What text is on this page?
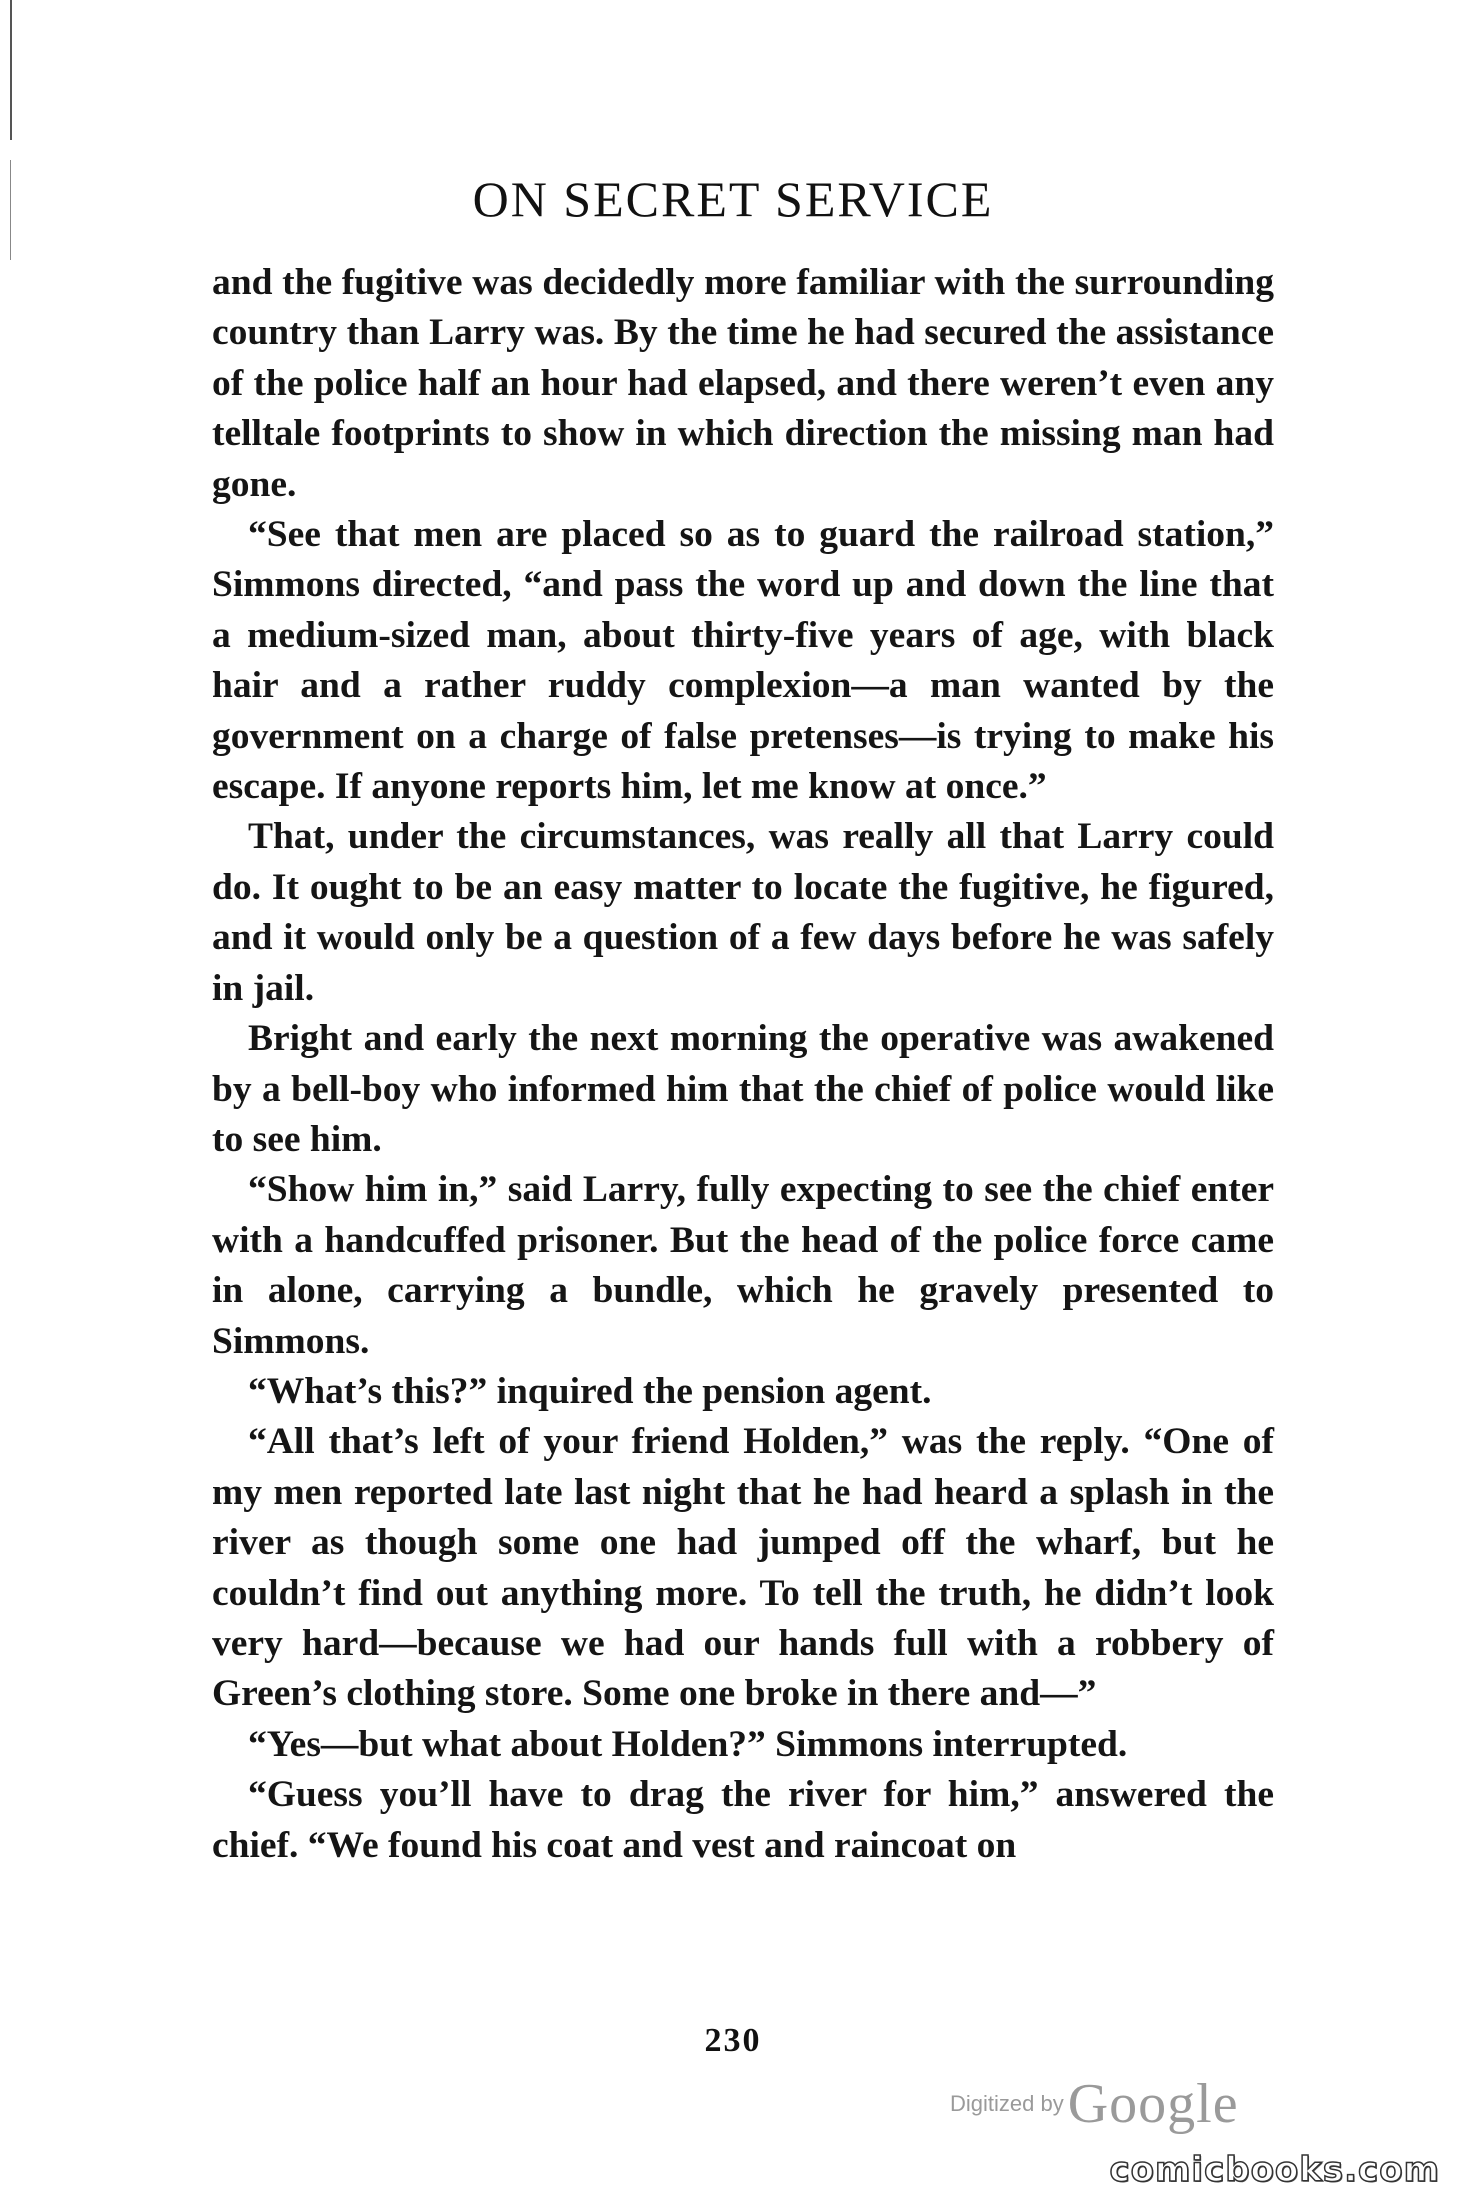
ON SECRET SERVICE

and the fugitive was decidedly more familiar with the surrounding country than Larry was. By the time he had secured the assistance of the police half an hour had elapsed, and there weren’t even any telltale footprints to show in which direction the missing man had gone.

“See that men are placed so as to guard the railroad station,” Simmons directed, “and pass the word up and down the line that a medium-sized man, about thirty-five years of age, with black hair and a rather ruddy complexion—a man wanted by the government on a charge of false pretenses—is trying to make his escape. If anyone reports him, let me know at once.”

That, under the circumstances, was really all that Larry could do. It ought to be an easy matter to locate the fugitive, he figured, and it would only be a question of a few days before he was safely in jail.

Bright and early the next morning the operative was awakened by a bell-boy who informed him that the chief of police would like to see him.

“Show him in,” said Larry, fully expecting to see the chief enter with a handcuffed prisoner. But the head of the police force came in alone, carrying a bundle, which he gravely presented to Simmons.

“What’s this?” inquired the pension agent.

“All that’s left of your friend Holden,” was the reply. “One of my men reported late last night that he had heard a splash in the river as though some one had jumped off the wharf, but he couldn’t find out anything more. To tell the truth, he didn’t look very hard—because we had our hands full with a robbery of Green’s clothing store. Some one broke in there and—”

“Yes—but what about Holden?” Simmons interrupted.

“Guess you’ll have to drag the river for him,” answered the chief. “We found his coat and vest and raincoat on

230
Digitized by Google
comicbooks.com
